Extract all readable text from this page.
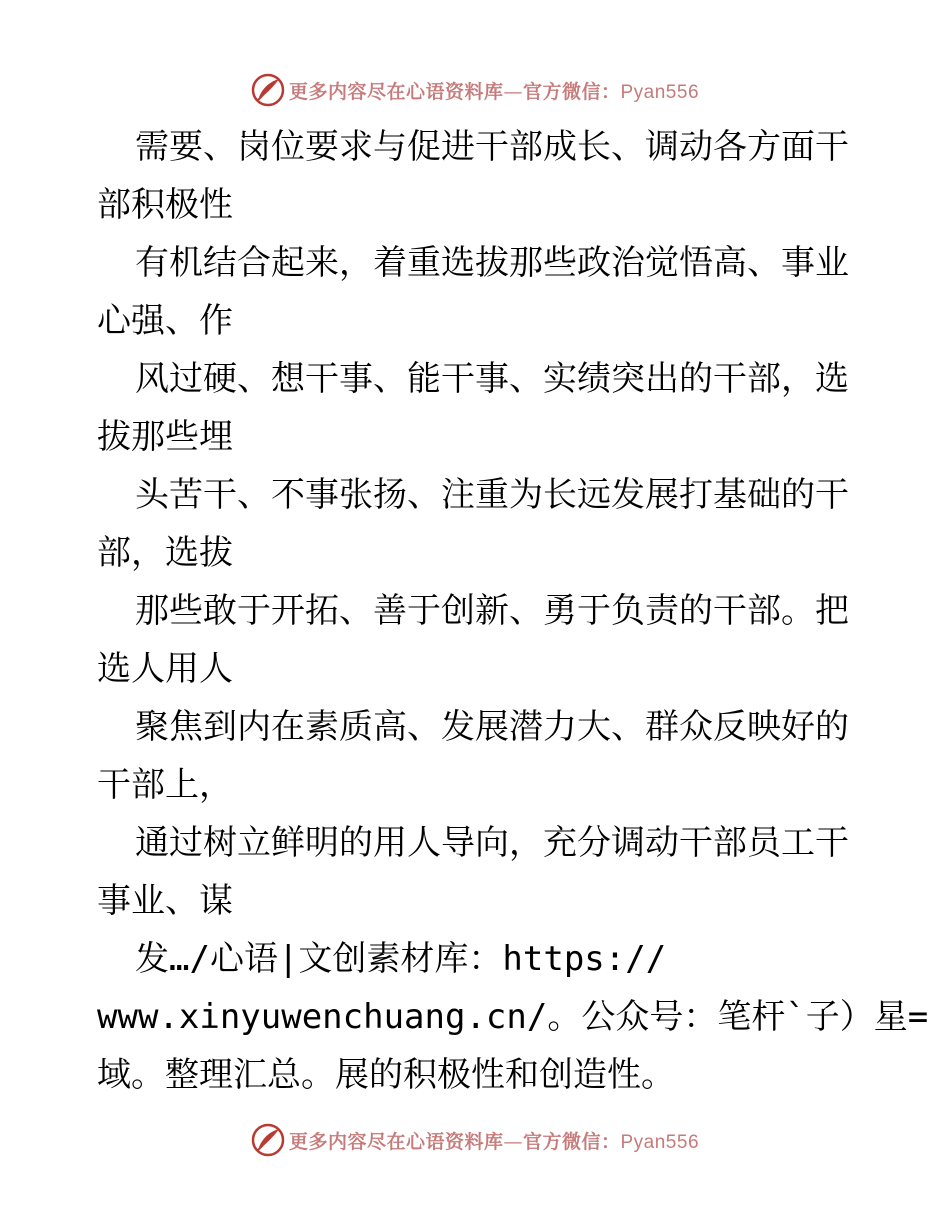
更多内容尽在心语资料库—官方微信：Pyan556
需要、岗位要求与促进干部成长、调动各方面干
部积极性
有机结合起来，着重选拔那些政治觉悟高、事业
心强、作
风过硬、想干事、能干事、实绩突出的干部，选
拔那些埋
头苦干、不事张扬、注重为长远发展打基础的干
部，选拔
那些敢于开拓、善于创新、勇于负责的干部。把
选人用人
聚焦到内在素质高、发展潜力大、群众反映好的
干部上，
通过树立鲜明的用人导向，充分调动干部员工干
事业、谋
发…/心语|文创素材库：https://
www.xinyuwenchuang.cn/。公众号：笔杆`子）星=
域。整理汇总。展的积极性和创造性。
更多内容尽在心语资料库—官方微信：Pyan556
